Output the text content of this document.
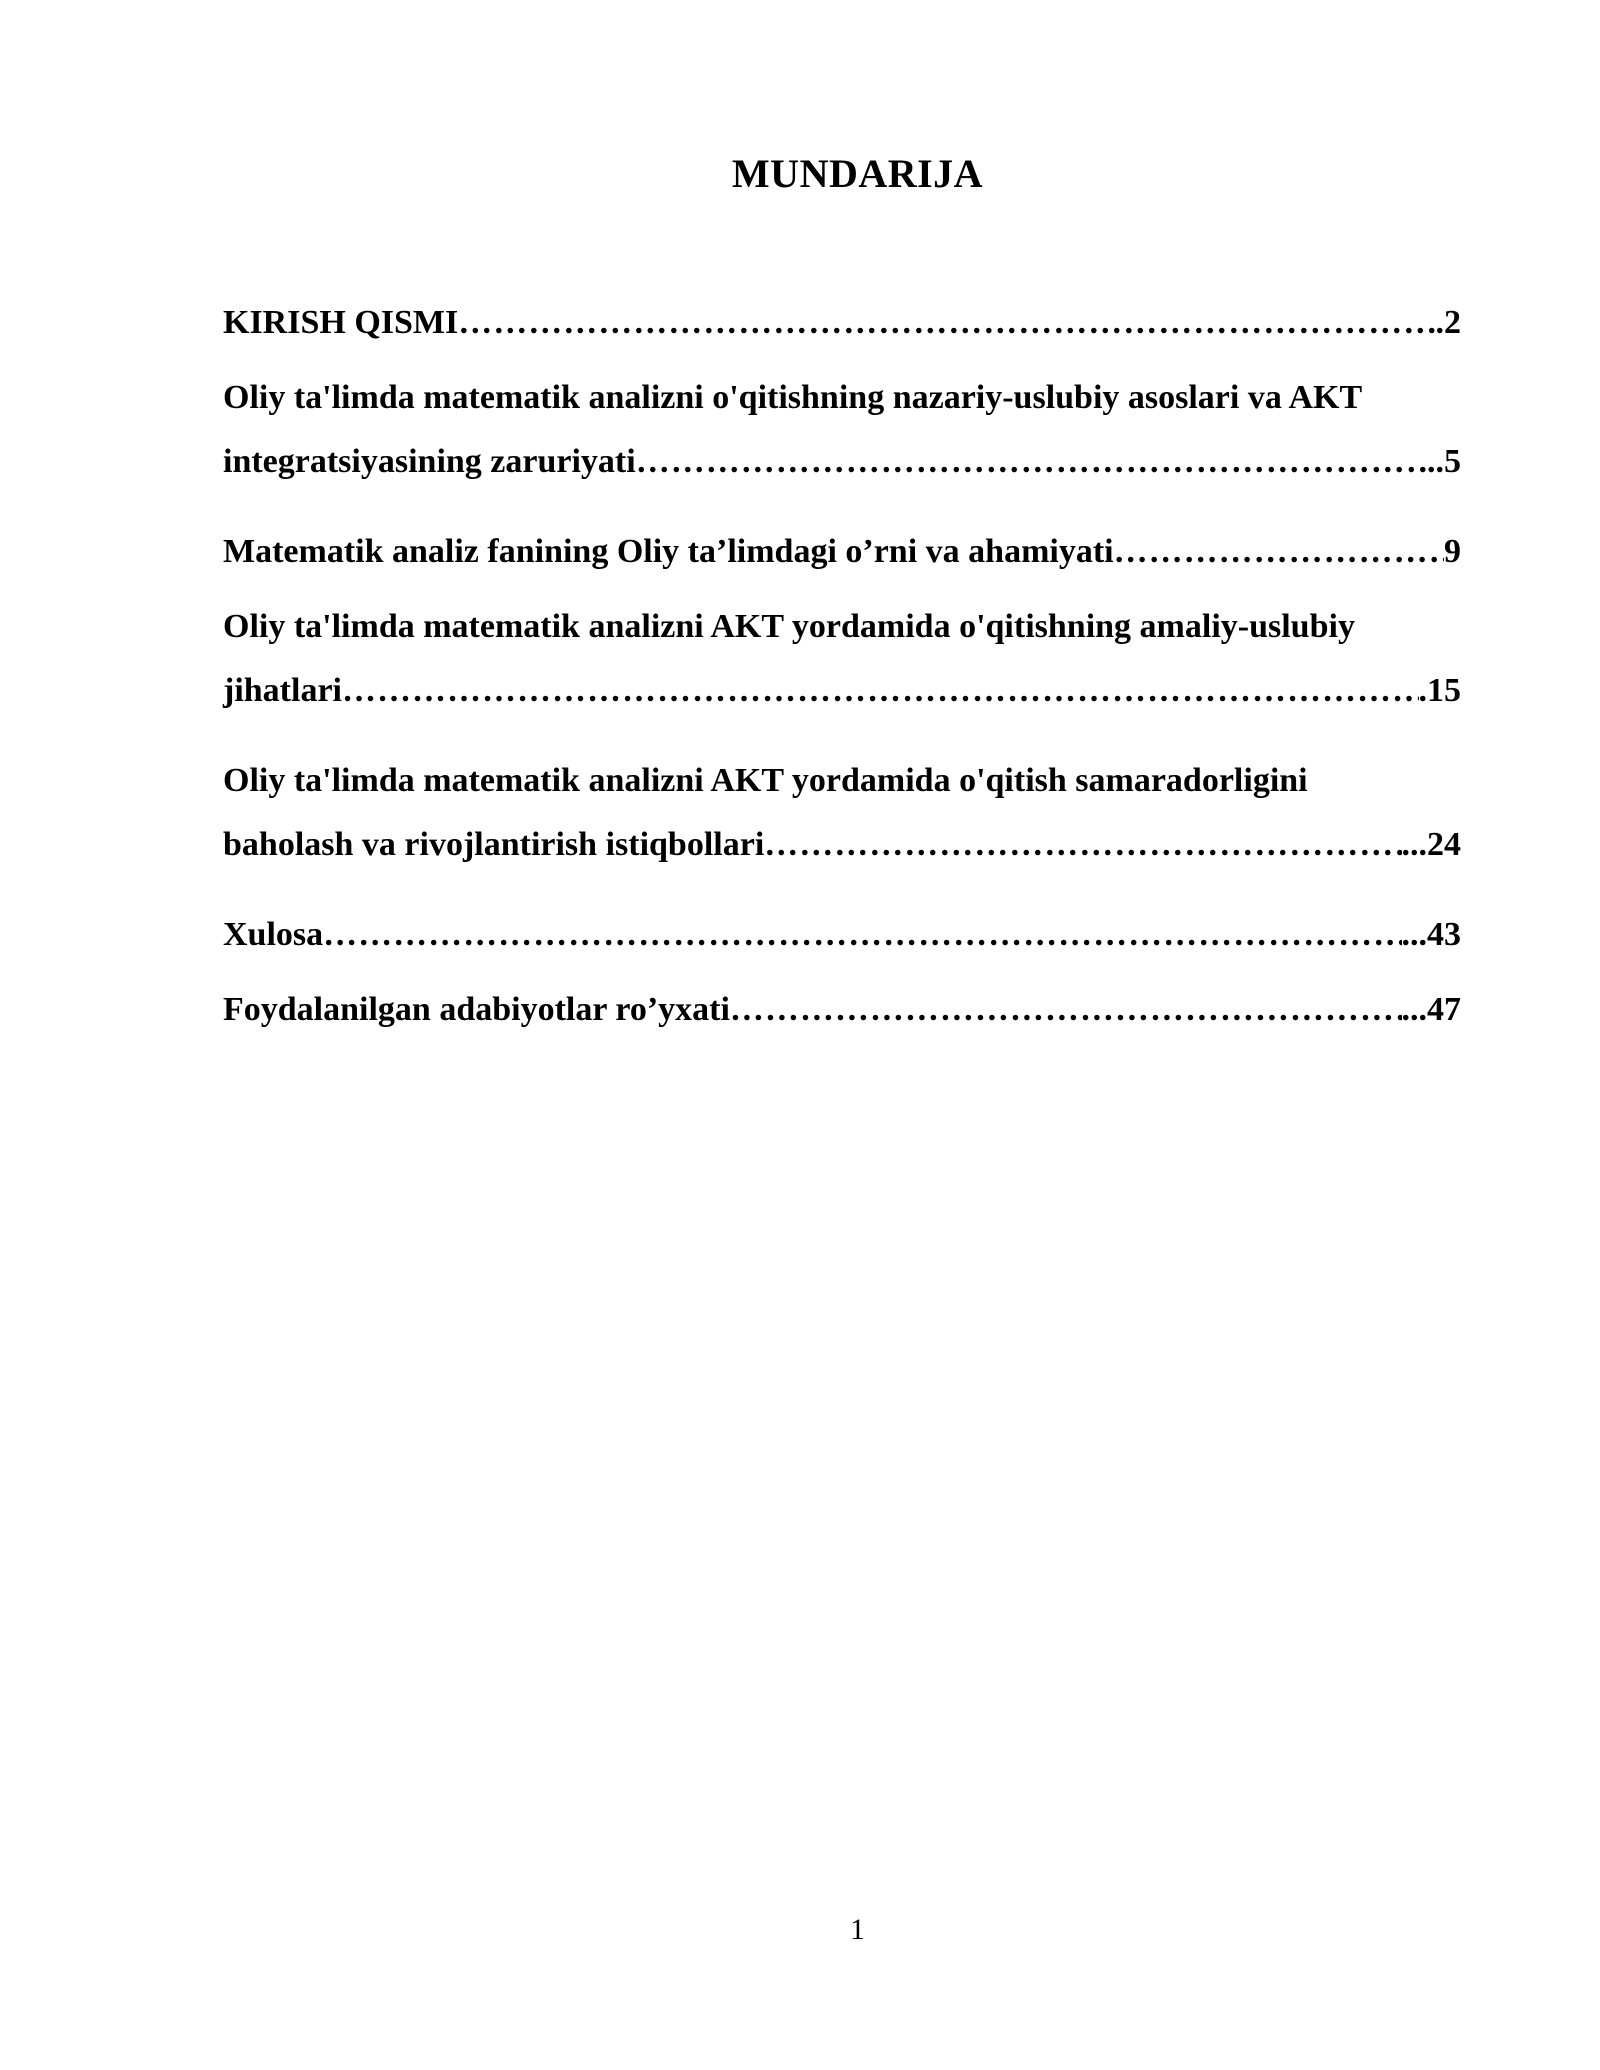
MUNDARIJA
KIRISH QISMI …………………………………………………………………………………………………………………………………………………………………………………………………………	.2
Oliy ta'limda matematik analizni o'qitishning nazariy-uslubiy asoslari va AKT
integratsiyasining zaruriyati …………………………………………………………………………………………………………………………………………………………………………………………………………	...5
Matematik analiz fanining Oliy ta’limdagi o’rni va ahamiyati …………………………………………………………………………………………………………………………………………………………………………………………………………	9
Oliy ta'limda matematik analizni AKT yordamida o'qitishning amaliy-uslubiy
jihatlari …………………………………………………………………………………………………………………………………………………………………………………………………………	.15
Oliy ta'limda matematik analizni AKT yordamida o'qitish samaradorligini
baholash va rivojlantirish istiqbollari …………………………………………………………………………………………………………………………………………………………………………………………………………	...24
Xulosa …………………………………………………………………………………………………………………………………………………………………………………………………………	...43
Foydalanilgan adabiyotlar ro’yxati …………………………………………………………………………………………………………………………………………………………………………………………………………	...47
1
